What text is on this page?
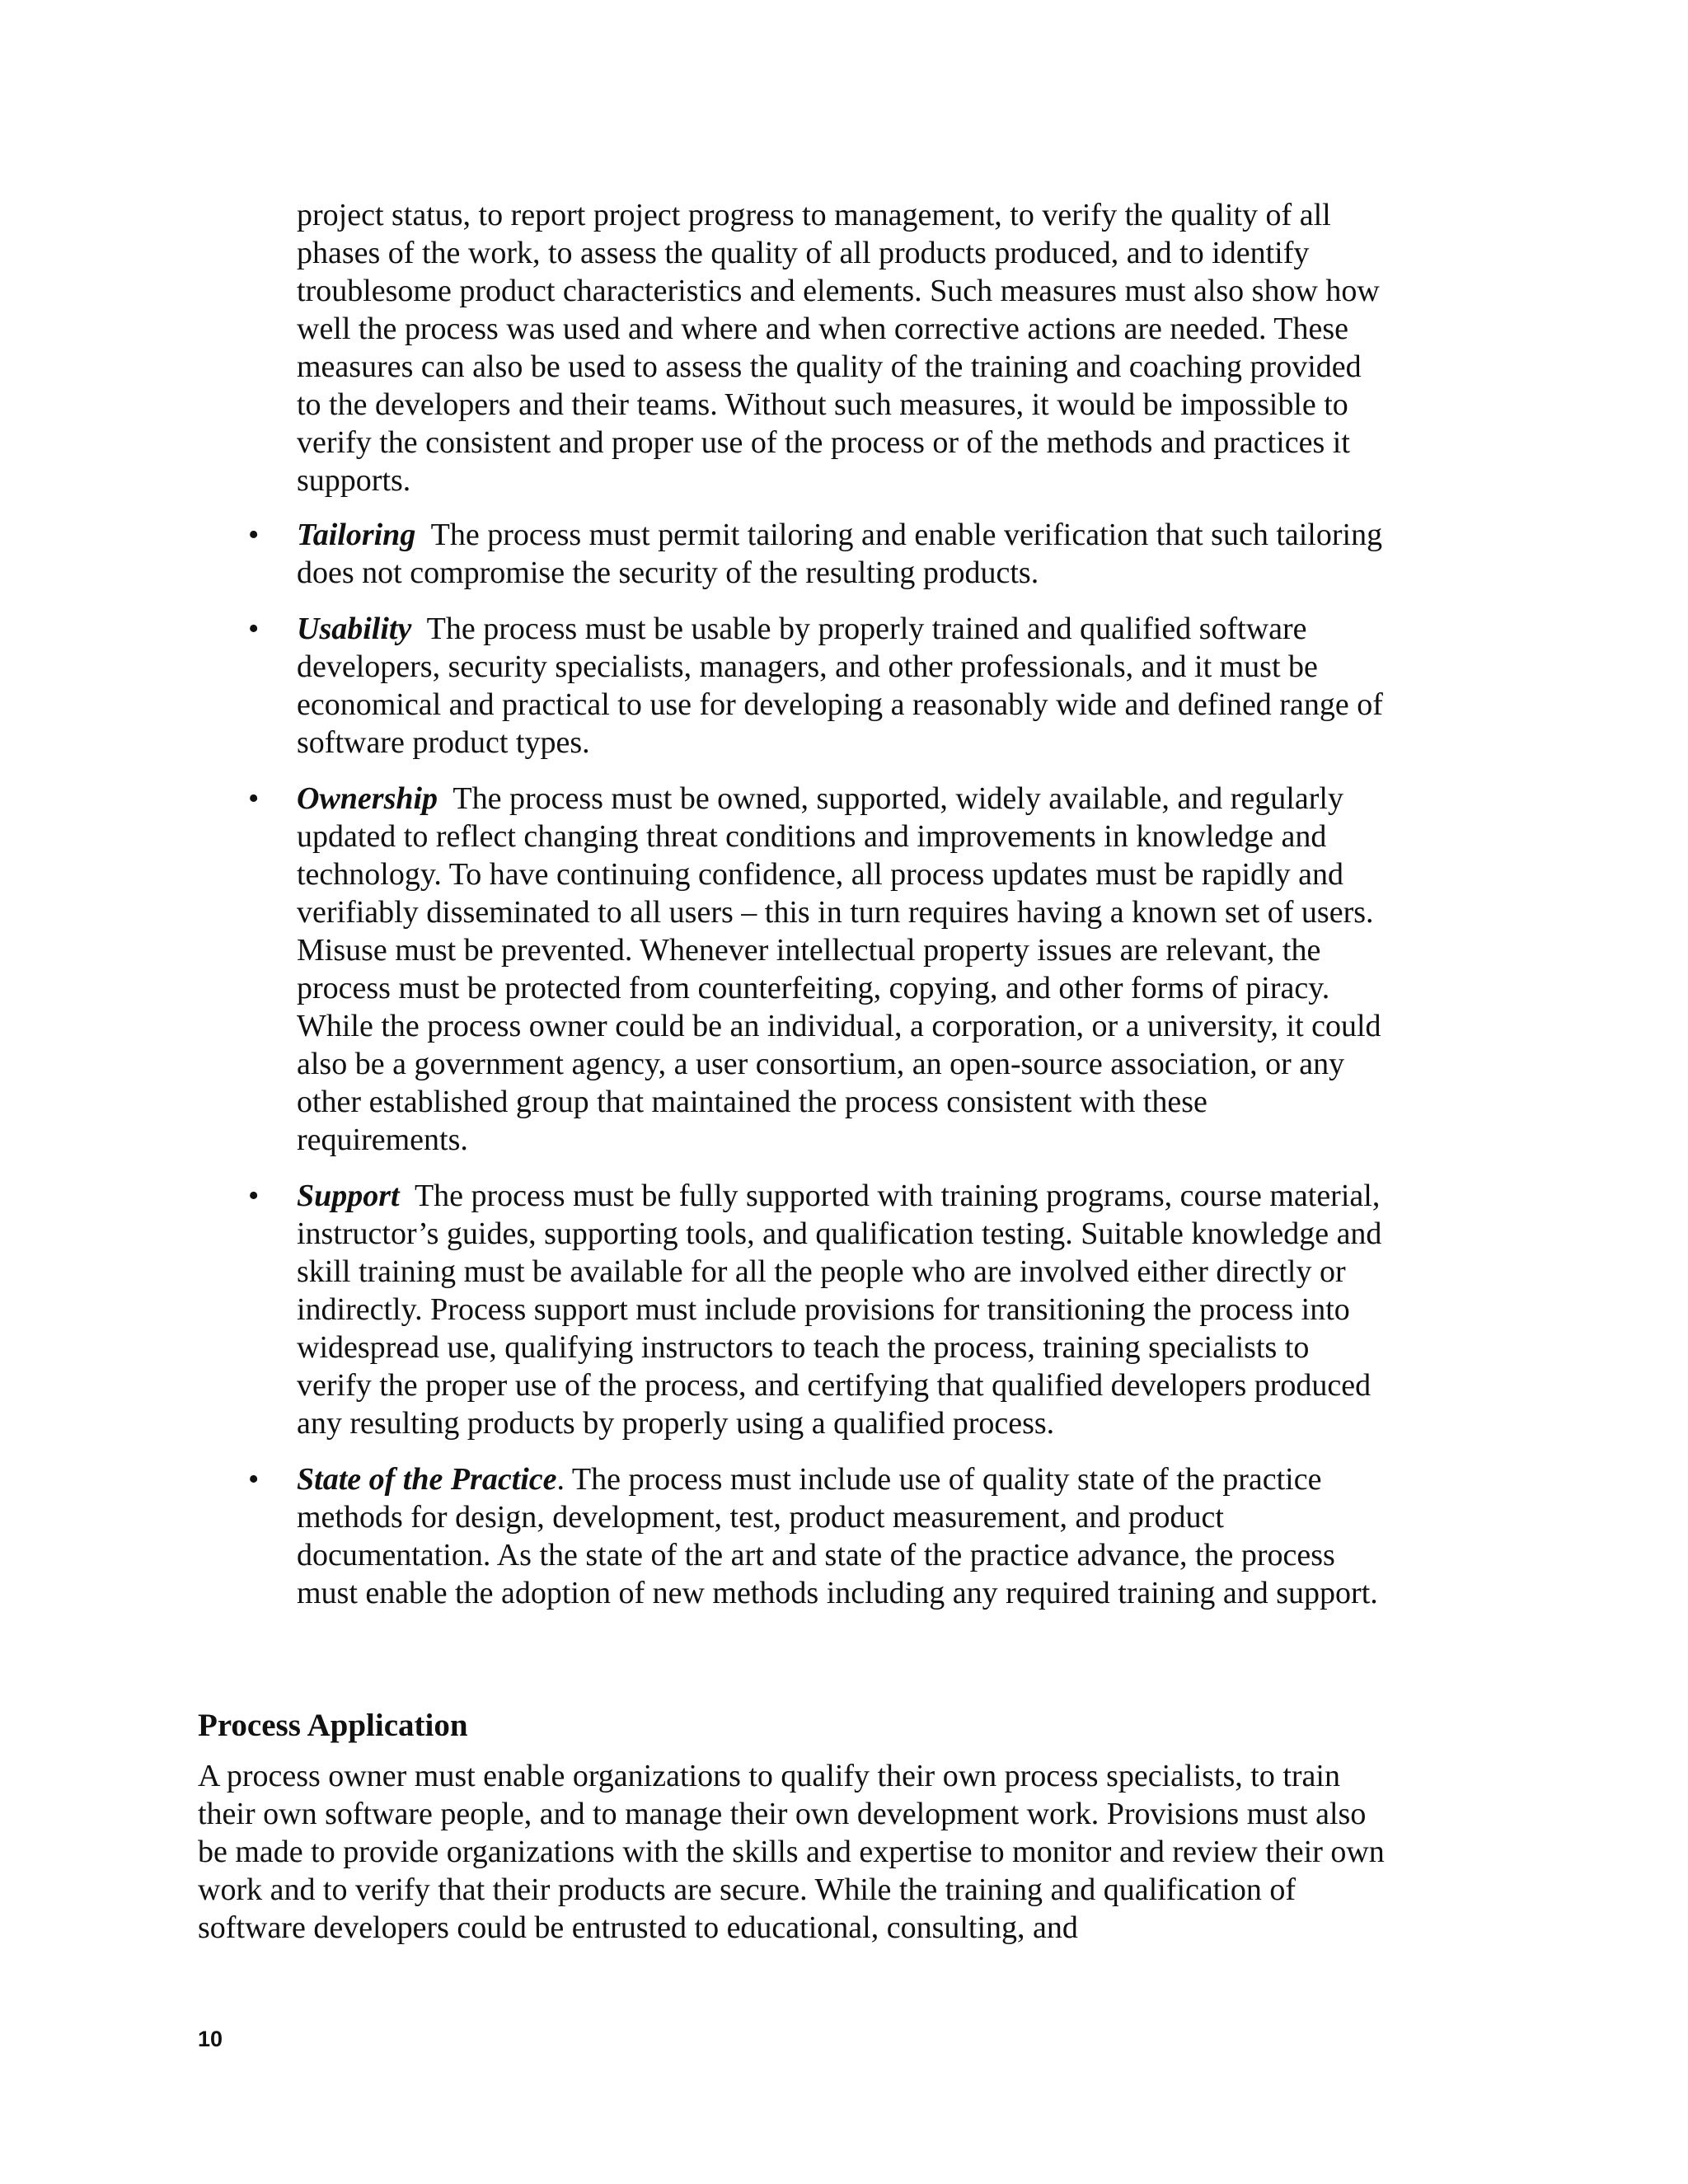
project status, to report project progress to management, to verify the quality of all phases of the work, to assess the quality of all products produced, and to identify troublesome product characteristics and elements. Such measures must also show how well the process was used and where and when corrective actions are needed. These measures can also be used to assess the quality of the training and coaching provided to the developers and their teams. Without such measures, it would be impossible to verify the consistent and proper use of the process or of the methods and practices it supports.

• Tailoring  The process must permit tailoring and enable verification that such tailoring does not compromise the security of the resulting products.
• Usability  The process must be usable by properly trained and qualified software developers, security specialists, managers, and other professionals, and it must be economical and practical to use for developing a reasonably wide and defined range of software product types.
• Ownership  The process must be owned, supported, widely available, and regularly updated to reflect changing threat conditions and improvements in knowledge and technology. To have continuing confidence, all process updates must be rapidly and verifiably disseminated to all users – this in turn requires having a known set of users. Misuse must be prevented. Whenever intellectual property issues are relevant, the process must be protected from counterfeiting, copying, and other forms of piracy. While the process owner could be an individual, a corporation, or a university, it could also be a government agency, a user consortium, an open-source association, or any other established group that maintained the process consistent with these requirements.
• Support  The process must be fully supported with training programs, course material, instructor’s guides, supporting tools, and qualification testing. Suitable knowledge and skill training must be available for all the people who are involved either directly or indirectly. Process support must include provisions for transitioning the process into widespread use, qualifying instructors to teach the process, training specialists to verify the proper use of the process, and certifying that qualified developers produced any resulting products by properly using a qualified process.
• State of the Practice. The process must include use of quality state of the practice methods for design, development, test, product measurement, and product documentation. As the state of the art and state of the practice advance, the process must enable the adoption of new methods including any required training and support.
Process Application

A process owner must enable organizations to qualify their own process specialists, to train their own software people, and to manage their own development work. Provisions must also be made to provide organizations with the skills and expertise to monitor and review their own work and to verify that their products are secure. While the training and qualification of software developers could be entrusted to educational, consulting, and

10
